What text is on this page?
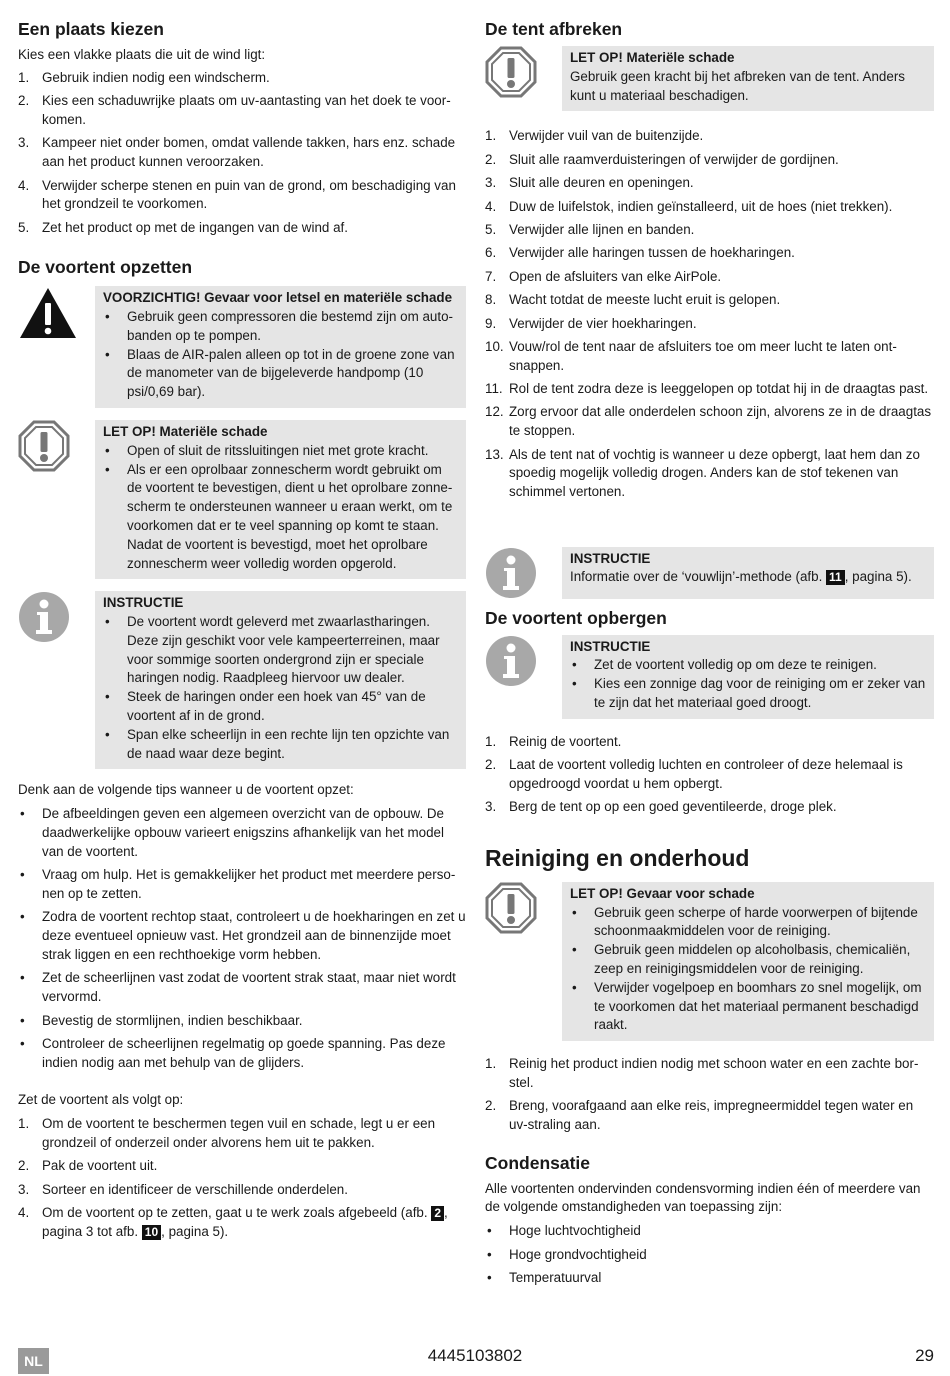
Een plaats kiezen

Kies een vlakke plaats die uit de wind ligt:

1. Gebruik indien nodig een windscherm.
2. Kies een schaduwrijke plaats om uv-aantasting van het doek te voorkomen.
3. Kampeer niet onder bomen, omdat vallende takken, hars enz. schade aan het product kunnen veroorzaken.
4. Verwijder scherpe stenen en puin van de grond, om beschadiging van het grondzeil te voorkomen.
5. Zet het product op met de ingangen van de wind af.
De voortent opzetten
VOORZICHTIG! Gevaar voor letsel en materiële schade
• Gebruik geen compressoren die bestemd zijn om autobanden op te pompen.
• Blaas de AIR-palen alleen op tot in de groene zone van de manometer van de bijgeleverde handpomp (10 psi/0,69 bar).
LET OP! Materiële schade
• Open of sluit de ritssluitingen niet met grote kracht.
• Als er een oprolbaar zonnescherm wordt gebruikt om de voortent te bevestigen, dient u het oprolbare zonnescherm te ondersteunen wanneer u eraan werkt, om te voorkomen dat er te veel spanning op komt te staan. Nadat de voortent is bevestigd, moet het oprolbare zonnescherm weer volledig worden opgerold.
INSTRUCTIE
• De voortent wordt geleverd met zwaarlastharingen. Deze zijn geschikt voor vele kampeerterreinen, maar voor sommige soorten ondergrond zijn er speciale haringen nodig. Raadpleeg hiervoor uw dealer.
• Steek de haringen onder een hoek van 45° van de voortent af in de grond.
• Span elke scheerlijn in een rechte lijn ten opzichte van de naad waar deze begint.

Denk aan de volgende tips wanneer u de voortent opzet:

• De afbeeldingen geven een algemeen overzicht van de opbouw. De daadwerkelijke opbouw varieert enigszins afhankelijk van het model van de voortent.
• Vraag om hulp. Het is gemakkelijker het product met meerdere personen op te zetten.
• Zodra de voortent rechtop staat, controleert u de hoekharingen en zet u deze eventueel opnieuw vast. Het grondzeil aan de binnenzijde moet strak liggen en een rechthoekige vorm hebben.
• Zet de scheerlijnen vast zodat de voortent strak staat, maar niet wordt vervormd.
• Bevestig de stormlijnen, indien beschikbaar.
• Controleer de scheerlijnen regelmatig op goede spanning. Pas deze indien nodig aan met behulp van de glijders.

Zet de voortent als volgt op:

1. Om de voortent te beschermen tegen vuil en schade, legt u er een grondzeil of onderzeil onder alvorens hem uit te pakken.
2. Pak de voortent uit.
3. Sorteer en identificeer de verschillende onderdelen.
4. Om de voortent op te zetten, gaat u te werk zoals afgebeeld (afb. 2 , pagina 3 tot afb. 10 , pagina 5).
De tent afbreken
LET OP! Materiële schade
Gebruik geen kracht bij het afbreken van de tent. Anders kunt u materiaal beschadigen.
1. Verwijder vuil van de buitenzijde.
2. Sluit alle raamverduisteringen of verwijder de gordijnen.
3. Sluit alle deuren en openingen.
4. Duw de luifelstok, indien geïnstalleerd, uit de hoes (niet trekken).
5. Verwijder alle lijnen en banden.
6. Verwijder alle haringen tussen de hoekharingen.
7. Open de afsluiters van elke AirPole.
8. Wacht totdat de meeste lucht eruit is gelopen.
9. Verwijder de vier hoekharingen.
10. Vouw/rol de tent naar de afsluiters toe om meer lucht te laten ontsnappen.
11. Rol de tent zodra deze is leeggelopen op totdat hij in de draagtas past.
12. Zorg ervoor dat alle onderdelen schoon zijn, alvorens ze in de draagtas te stoppen.
13. Als de tent nat of vochtig is wanneer u deze opbergt, laat hem dan zo spoedig mogelijk volledig drogen. Anders kan de stof tekenen van schimmel vertonen.
INSTRUCTIE
Informatie over de ‘vouwlijn’-methode (afb. 11 , pagina 5).
De voortent opbergen
INSTRUCTIE
• Zet de voortent volledig op om deze te reinigen.
• Kies een zonnige dag voor de reiniging om er zeker van te zijn dat het materiaal goed droogt.
1. Reinig de voortent.
2. Laat de voortent volledig luchten en controleer of deze helemaal is opgedroogd voordat u hem opbergt.
3. Berg de tent op op een goed geventileerde, droge plek.
Reiniging en onderhoud
LET OP! Gevaar voor schade
• Gebruik geen scherpe of harde voorwerpen of bijtende schoonmaakmiddelen voor de reiniging.
• Gebruik geen middelen op alcoholbasis, chemicaliën, zeep en reinigingsmiddelen voor de reiniging.
• Verwijder vogelpoep en boomhars zo snel mogelijk, om te voorkomen dat het materiaal permanent beschadigd raakt.
1. Reinig het product indien nodig met schoon water en een zachte borstel.
2. Breng, voorafgaand aan elke reis, impregneermiddel tegen water en uv-straling aan.
Condensatie

Alle voortenten ondervinden condensvorming indien één of meerdere van de volgende omstandigheden van toepassing zijn:

• Hoge luchtvochtigheid
• Hoge grondvochtigheid
• Temperatuurval
NL	4445103802	29
